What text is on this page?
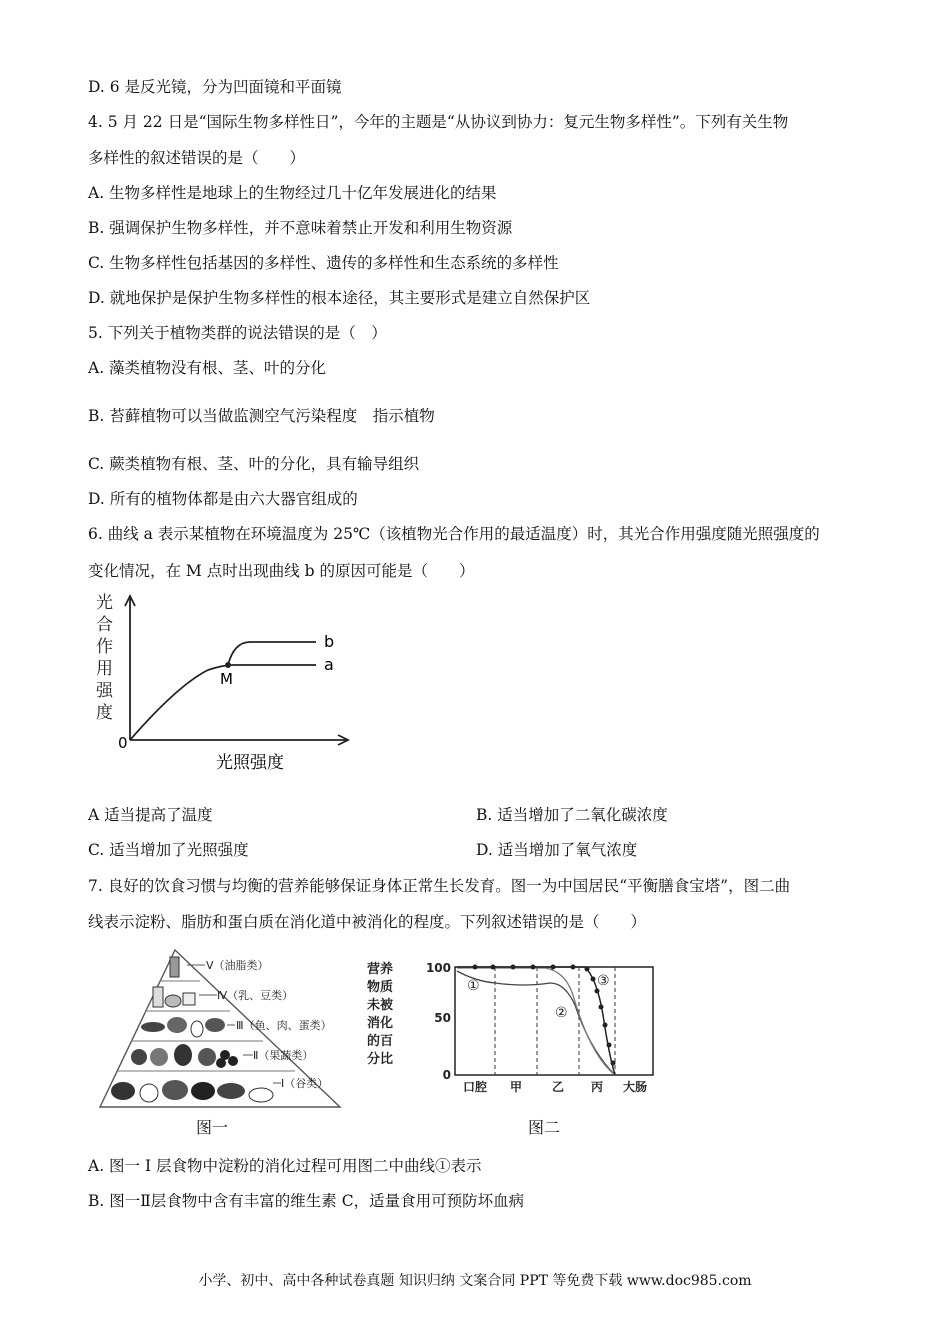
D. 6 是反光镜，分为凹面镜和平面镜
4. 5 月 22 日是“国际生物多样性日”，今年的主题是“从协议到协力：复元生物多样性”。下列有关生物
多样性的叙述错误的是（　　）
A. 生物多样性是地球上的生物经过几十亿年发展进化的结果
B. 强调保护生物多样性，并不意味着禁止开发和利用生物资源
C. 生物多样性包括基因的多样性、遗传的多样性和生态系统的多样性
D. 就地保护是保护生物多样性的根本途径，其主要形式是建立自然保护区
5. 下列关于植物类群的说法错误的是（　）
A. 藻类植物没有根、茎、叶的分化
B. 苔藓植物可以当做监测空气污染程度　指示植物
C. 蕨类植物有根、茎、叶的分化，具有输导组织
D. 所有的植物体都是由六大器官组成的
6. 曲线 a 表示某植物在环境温度为 25℃（该植物光合作用的最适温度）时，其光合作用强度随光照强度的
变化情况，在 M 点时出现曲线 b 的原因可能是（　　）
光
合
作
用
强
度
0
M
a
b
光照强度
A 适当提高了温度	B. 适当增加了二氧化碳浓度
C. 适当增加了光照强度	D. 适当增加了氧气浓度
7. 良好的饮食习惯与均衡的营养能够保证身体正常生长发育。图一为中国居民“平衡膳食宝塔”，图二曲
线表示淀粉、脂肪和蛋白质在消化道中被消化的程度。下列叙述错误的是（　　）
Ⅴ（油脂类）
Ⅳ（乳、豆类）
Ⅲ（鱼、肉、蛋类）
Ⅱ（果蔬类）
Ⅰ（谷类）
图一
营养
物质
未被
消化
的百
分比
100
50
0
①
②
③
口腔 甲 乙 丙 大肠
图二
A. 图一 I 层食物中淀粉的消化过程可用图二中曲线①表示
B. 图一Ⅱ层食物中含有丰富的维生素 C，适量食用可预防坏血病
小学、初中、高中各种试卷真题 知识归纳 文案合同 PPT 等免费下载 www.doc985.com
